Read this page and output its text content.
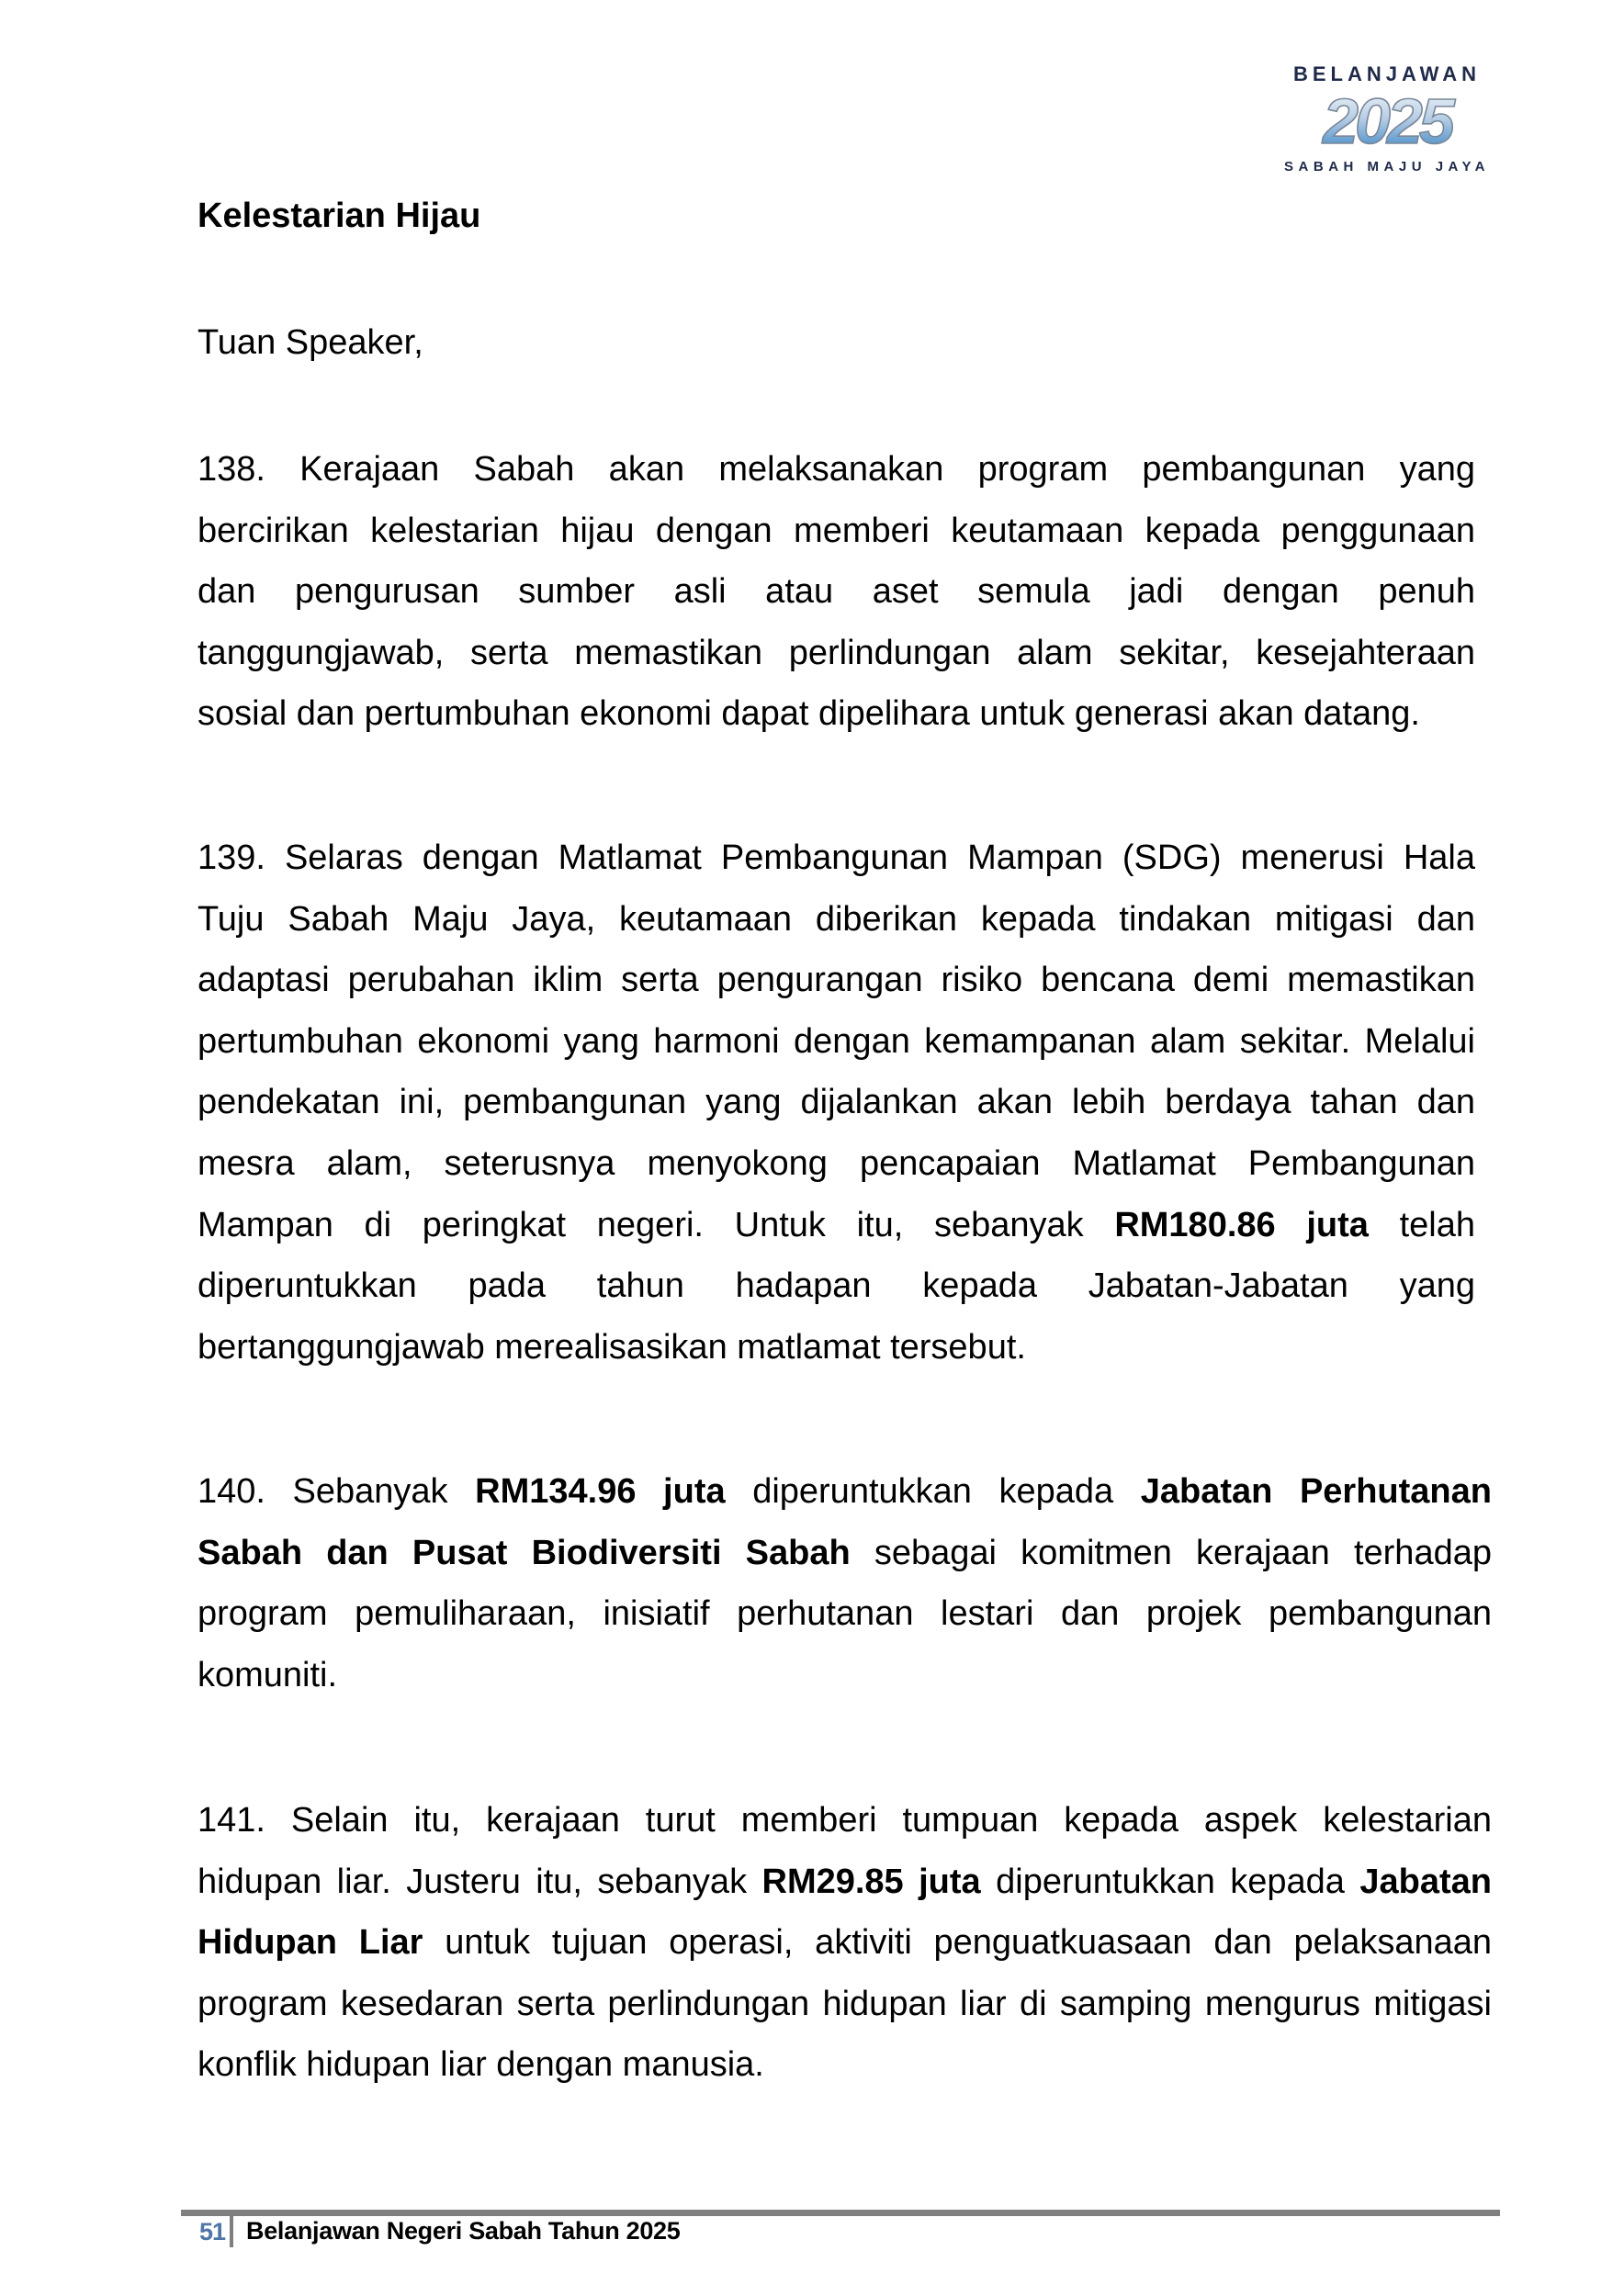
BELANJAWAN
2025
SABAH MAJU JAYA
Kelestarian Hijau
Tuan Speaker,
138. Kerajaan Sabah akan melaksanakan program pembangunan yang
bercirikan kelestarian hijau dengan memberi keutamaan kepada penggunaan
dan pengurusan sumber asli atau aset semula jadi dengan penuh
tanggungjawab, serta memastikan perlindungan alam sekitar, kesejahteraan
sosial dan pertumbuhan ekonomi dapat dipelihara untuk generasi akan datang.
139. Selaras dengan Matlamat Pembangunan Mampan (SDG) menerusi Hala
Tuju Sabah Maju Jaya, keutamaan diberikan kepada tindakan mitigasi dan
adaptasi perubahan iklim serta pengurangan risiko bencana demi memastikan
pertumbuhan ekonomi yang harmoni dengan kemampanan alam sekitar. Melalui
pendekatan ini, pembangunan yang dijalankan akan lebih berdaya tahan dan
mesra alam, seterusnya menyokong pencapaian Matlamat Pembangunan
Mampan di peringkat negeri. Untuk itu, sebanyak RM180.86 juta telah
diperuntukkan pada tahun hadapan kepada Jabatan-Jabatan yang
bertanggungjawab merealisasikan matlamat tersebut.
140. Sebanyak RM134.96 juta diperuntukkan kepada Jabatan Perhutanan
Sabah dan Pusat Biodiversiti Sabah sebagai komitmen kerajaan terhadap
program pemuliharaan, inisiatif perhutanan lestari dan projek pembangunan
komuniti.
141. Selain itu, kerajaan turut memberi tumpuan kepada aspek kelestarian
hidupan liar. Justeru itu, sebanyak RM29.85 juta diperuntukkan kepada Jabatan
Hidupan Liar untuk tujuan operasi, aktiviti penguatkuasaan dan pelaksanaan
program kesedaran serta perlindungan hidupan liar di samping mengurus mitigasi
konflik hidupan liar dengan manusia.
51 Belanjawan Negeri Sabah Tahun 2025
